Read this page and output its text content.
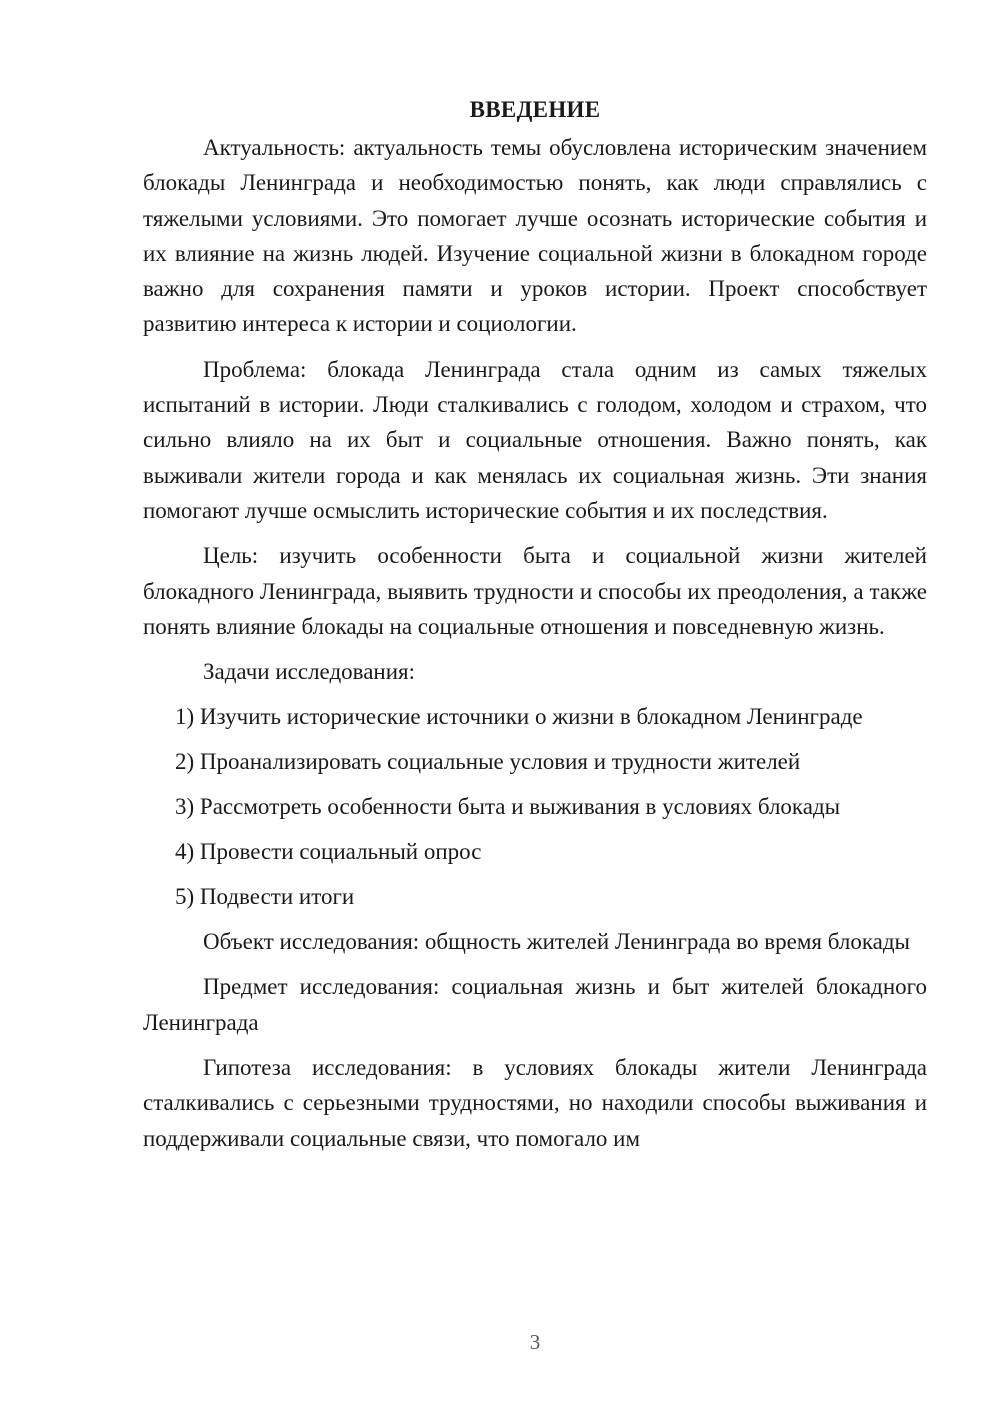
ВВЕДЕНИЕ

Актуальность: актуальность темы обусловлена историческим значением блокады Ленинграда и необходимостью понять, как люди справлялись с тяжелыми условиями. Это помогает лучше осознать исторические события и их влияние на жизнь людей. Изучение социальной жизни в блокадном городе важно для сохранения памяти и уроков истории. Проект способствует развитию интереса к истории и социологии.

Проблема: блокада Ленинграда стала одним из самых тяжелых испытаний в истории. Люди сталкивались с голодом, холодом и страхом, что сильно влияло на их быт и социальные отношения. Важно понять, как выживали жители города и как менялась их социальная жизнь. Эти знания помогают лучше осмыслить исторические события и их последствия.

Цель: изучить особенности быта и социальной жизни жителей блокадного Ленинграда, выявить трудности и способы их преодоления, а также понять влияние блокады на социальные отношения и повседневную жизнь.

Задачи исследования:

1) Изучить исторические источники о жизни в блокадном Ленинграде
2) Проанализировать социальные условия и трудности жителей
3) Рассмотреть особенности быта и выживания в условиях блокады
4) Провести социальный опрос
5) Подвести итоги

Объект исследования: общность жителей Ленинграда во время блокады

Предмет исследования: социальная жизнь и быт жителей блокадного Ленинграда

Гипотеза исследования: в условиях блокады жители Ленинграда сталкивались с серьезными трудностями, но находили способы выживания и поддерживали социальные связи, что помогало им

3
